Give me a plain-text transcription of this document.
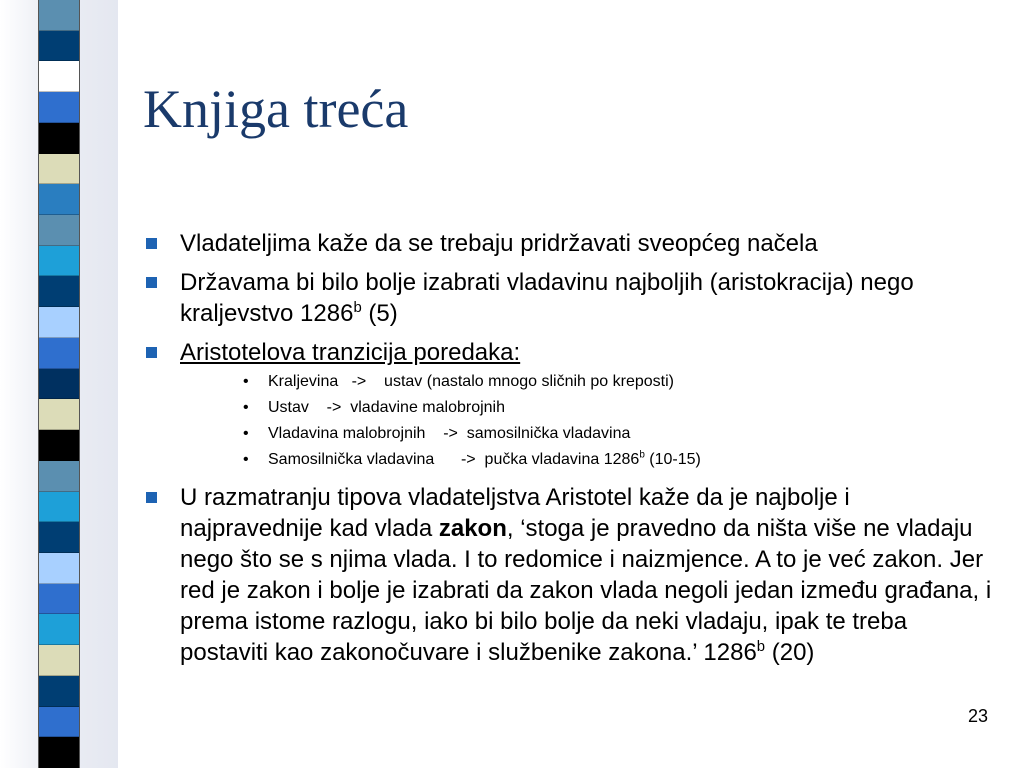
Knjiga treća
Vladateljima kaže da se trebaju pridržavati sveopćeg načela
Državama bi bilo bolje izabrati vladavinu najboljih (aristokracija) nego kraljevstvo 1286$^b$ (5)
Aristotelova tranzicija poredaka:
• Kraljevina   ->    ustav (nastalo mnogo sličnih po kreposti)
• Ustav    ->  vladavine malobrojnih
• Vladavina malobrojnih    ->  samosilnička vladavina
• Samosilnička vladavina      ->  pučka vladavina 1286$^b$ (10-15)
U razmatranju tipova vladateljstva Aristotel kaže da je najbolje i najpravednije kad vlada zakon, ‘stoga je pravedno da ništa više ne vladaju nego što se s njima vlada. I to redomice i naizmjence. A to je već zakon. Jer red je zakon i bolje je izabrati da zakon vlada negoli jedan između građana, i prema istome razlogu, iako bi bilo bolje da neki vladaju, ipak te treba postaviti kao zakonočuvare i službenike zakona.’ 1286$^b$ (20)
23
